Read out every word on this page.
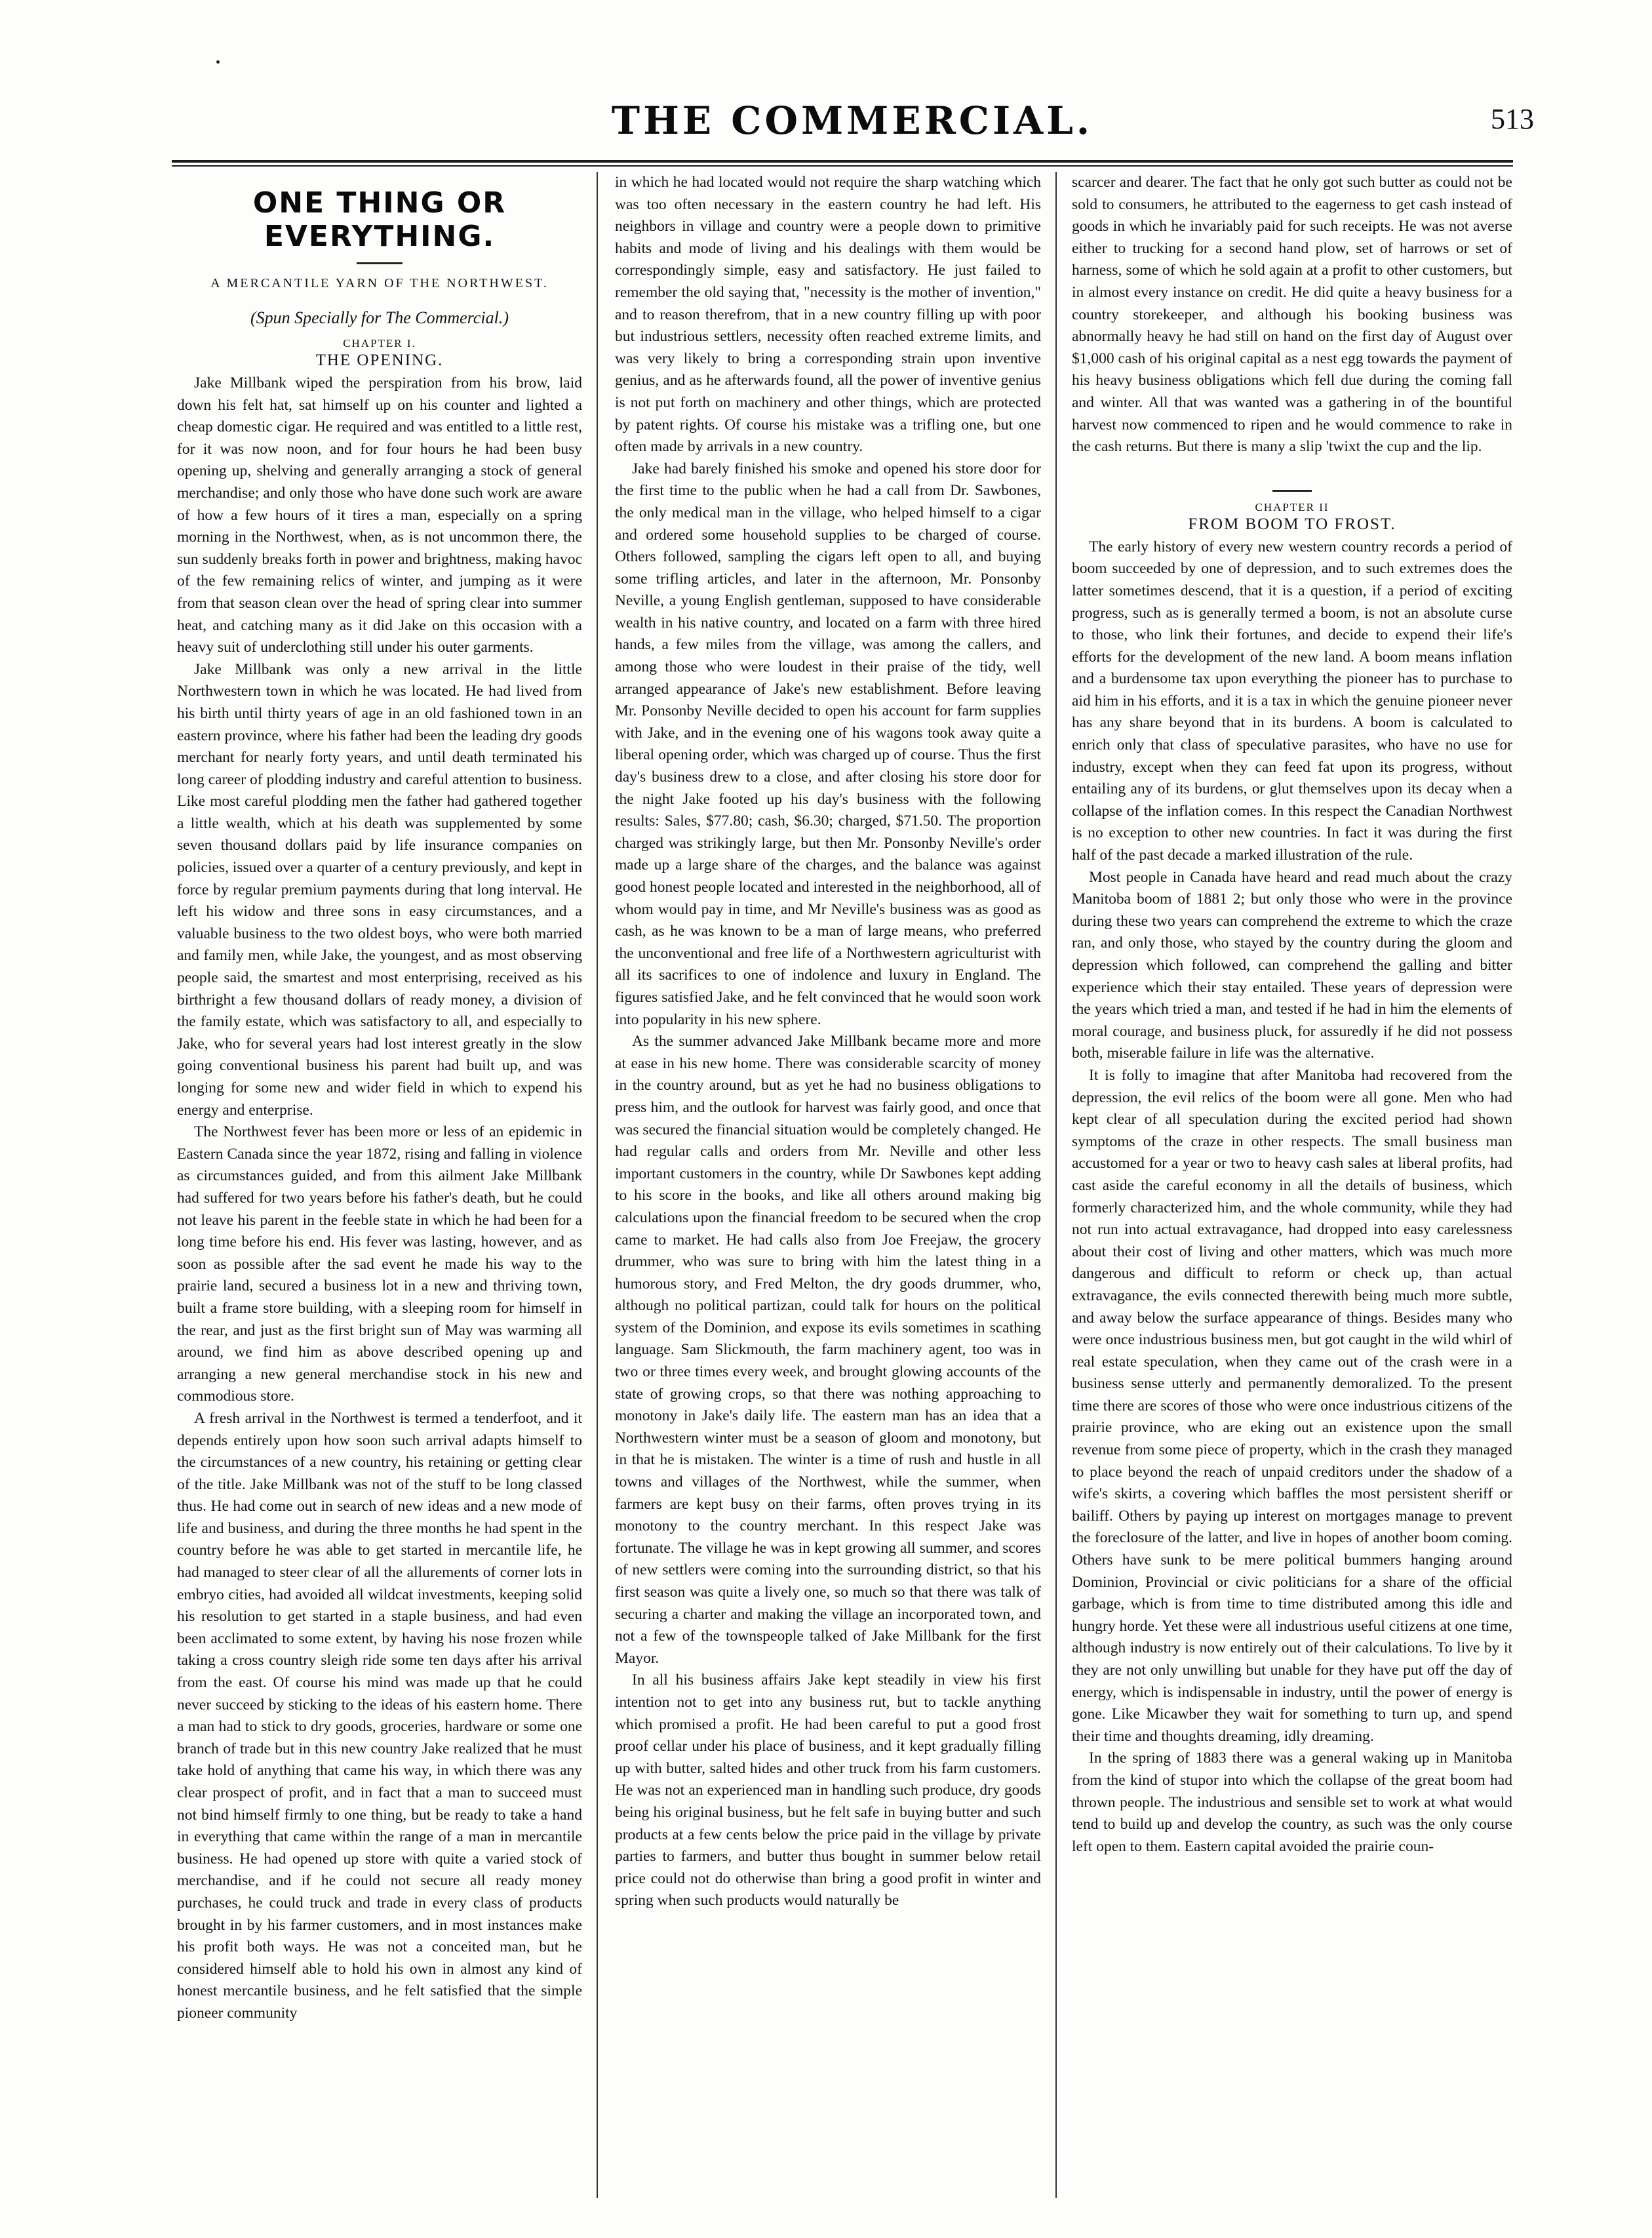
THE COMMERCIAL.	513
ONE THING OR EVERYTHING.
A MERCANTILE YARN OF THE NORTHWEST.
(Spun Specially for The Commercial.)
CHAPTER I.
THE OPENING.

Jake Millbank wiped the perspiration from his brow, laid down his felt hat, sat himself up on his counter and lighted a cheap domestic cigar. He required and was entitled to a little rest, for it was now noon, and for four hours he had been busy opening up, shelving and generally arranging a stock of general merchandise; and only those who have done such work are aware of how a few hours of it tires a man, especially on a spring morning in the Northwest, when, as is not uncommon there, the sun suddenly breaks forth in power and brightness, making havoc of the few remaining relics of winter, and jumping as it were from that season clean over the head of spring clear into summer heat, and catching many as it did Jake on this occasion with a heavy suit of underclothing still under his outer garments.

Jake Millbank was only a new arrival in the little Northwestern town in which he was located. He had lived from his birth until thirty years of age in an old fashioned town in an eastern province, where his father had been the leading dry goods merchant for nearly forty years, and until death terminated his long career of plodding industry and careful attention to business. Like most careful plodding men the father had gathered together a little wealth, which at his death was supplemented by some seven thousand dollars paid by life insurance companies on policies, issued over a quarter of a century previously, and kept in force by regular premium payments during that long interval. He left his widow and three sons in easy circumstances, and a valuable business to the two oldest boys, who were both married and family men, while Jake, the youngest, and as most observing people said, the smartest and most enterprising, received as his birthright a few thousand dollars of ready money, a division of the family estate, which was satisfactory to all, and especially to Jake, who for several years had lost interest greatly in the slow going conventional business his parent had built up, and was longing for some new and wider field in which to expend his energy and enterprise.

The Northwest fever has been more or less of an epidemic in Eastern Canada since the year 1872, rising and falling in violence as circumstances guided, and from this ailment Jake Millbank had suffered for two years before his father's death, but he could not leave his parent in the feeble state in which he had been for a long time before his end. His fever was lasting, however, and as soon as possible after the sad event he made his way to the prairie land, secured a business lot in a new and thriving town, built a frame store building, with a sleeping room for himself in the rear, and just as the first bright sun of May was warming all around, we find him as above described opening up and arranging a new general merchandise stock in his new and commodious store.

A fresh arrival in the Northwest is termed a tenderfoot, and it depends entirely upon how soon such arrival adapts himself to the circumstances of a new country, his retaining or getting clear of the title. Jake Millbank was not of the stuff to be long classed thus. He had come out in search of new ideas and a new mode of life and business, and during the three months he had spent in the country before he was able to get started in mercantile life, he had managed to steer clear of all the allurements of corner lots in embryo cities, had avoided all wildcat investments, keeping solid his resolution to get started in a staple business, and had even been acclimated to some extent, by having his nose frozen while taking a cross country sleigh ride some ten days after his arrival from the east. Of course his mind was made up that he could never succeed by sticking to the ideas of his eastern home. There a man had to stick to dry goods, groceries, hardware or some one branch of trade but in this new country Jake realized that he must take hold of anything that came his way, in which there was any clear prospect of profit, and in fact that a man to succeed must not bind himself firmly to one thing, but be ready to take a hand in everything that came within the range of a man in mercantile business. He had opened up store with quite a varied stock of merchandise, and if he could not secure all ready money purchases, he could truck and trade in every class of products brought in by his farmer customers, and in most instances make his profit both ways. He was not a conceited man, but he considered himself able to hold his own in almost any kind of honest mercantile business, and he felt satisfied that the simple pioneer community

in which he had located would not require the sharp watching which was too often necessary in the eastern country he had left. His neighbors in village and country were a people down to primitive habits and mode of living and his dealings with them would be correspondingly simple, easy and satisfactory. He just failed to remember the old saying that, "necessity is the mother of invention," and to reason therefrom, that in a new country filling up with poor but industrious settlers, necessity often reached extreme limits, and was very likely to bring a corresponding strain upon inventive genius, and as he afterwards found, all the power of inventive genius is not put forth on machinery and other things, which are protected by patent rights. Of course his mistake was a trifling one, but one often made by arrivals in a new country.

Jake had barely finished his smoke and opened his store door for the first time to the public when he had a call from Dr. Sawbones, the only medical man in the village, who helped himself to a cigar and ordered some household supplies to be charged of course. Others followed, sampling the cigars left open to all, and buying some trifling articles, and later in the afternoon, Mr. Ponsonby Neville, a young English gentleman, supposed to have considerable wealth in his native country, and located on a farm with three hired hands, a few miles from the village, was among the callers, and among those who were loudest in their praise of the tidy, well arranged appearance of Jake's new establishment. Before leaving Mr. Ponsonby Neville decided to open his account for farm supplies with Jake, and in the evening one of his wagons took away quite a liberal opening order, which was charged up of course. Thus the first day's business drew to a close, and after closing his store door for the night Jake footed up his day's business with the following results: Sales, $77.80; cash, $6.30; charged, $71.50. The proportion charged was strikingly large, but then Mr. Ponsonby Neville's order made up a large share of the charges, and the balance was against good honest people located and interested in the neighborhood, all of whom would pay in time, and Mr Neville's business was as good as cash, as he was known to be a man of large means, who preferred the unconventional and free life of a Northwestern agriculturist with all its sacrifices to one of indolence and luxury in England. The figures satisfied Jake, and he felt convinced that he would soon work into popularity in his new sphere.

As the summer advanced Jake Millbank became more and more at ease in his new home. There was considerable scarcity of money in the country around, but as yet he had no business obligations to press him, and the outlook for harvest was fairly good, and once that was secured the financial situation would be completely changed. He had regular calls and orders from Mr. Neville and other less important customers in the country, while Dr Sawbones kept adding to his score in the books, and like all others around making big calculations upon the financial freedom to be secured when the crop came to market. He had calls also from Joe Freejaw, the grocery drummer, who was sure to bring with him the latest thing in a humorous story, and Fred Melton, the dry goods drummer, who, although no political partizan, could talk for hours on the political system of the Dominion, and expose its evils sometimes in scathing language. Sam Slickmouth, the farm machinery agent, too was in two or three times every week, and brought glowing accounts of the state of growing crops, so that there was nothing approaching to monotony in Jake's daily life. The eastern man has an idea that a Northwestern winter must be a season of gloom and monotony, but in that he is mistaken. The winter is a time of rush and hustle in all towns and villages of the Northwest, while the summer, when farmers are kept busy on their farms, often proves trying in its monotony to the country merchant. In this respect Jake was fortunate. The village he was in kept growing all summer, and scores of new settlers were coming into the surrounding district, so that his first season was quite a lively one, so much so that there was talk of securing a charter and making the village an incorporated town, and not a few of the townspeople talked of Jake Millbank for the first Mayor.

In all his business affairs Jake kept steadily in view his first intention not to get into any business rut, but to tackle anything which promised a profit. He had been careful to put a good frost proof cellar under his place of business, and it kept gradually filling up with butter, salted hides and other truck from his farm customers. He was not an experienced man in handling such produce, dry goods being his original business, but he felt safe in buying butter and such products at a few cents below the price paid in the village by private parties to farmers, and butter thus bought in summer below retail price could not do otherwise than bring a good profit in winter and spring when such products would naturally be

scarcer and dearer. The fact that he only got such butter as could not be sold to consumers, he attributed to the eagerness to get cash instead of goods in which he invariably paid for such receipts. He was not averse either to trucking for a second hand plow, set of harrows or set of harness, some of which he sold again at a profit to other customers, but in almost every instance on credit. He did quite a heavy business for a country storekeeper, and although his booking business was abnormally heavy he had still on hand on the first day of August over $1,000 cash of his original capital as a nest egg towards the payment of his heavy business obligations which fell due during the coming fall and winter. All that was wanted was a gathering in of the bountiful harvest now commenced to ripen and he would commence to rake in the cash returns. But there is many a slip 'twixt the cup and the lip.

CHAPTER II
FROM BOOM TO FROST.

The early history of every new western country records a period of boom succeeded by one of depression, and to such extremes does the latter sometimes descend, that it is a question, if a period of exciting progress, such as is generally termed a boom, is not an absolute curse to those, who link their fortunes, and decide to expend their life's efforts for the development of the new land. A boom means inflation and a burdensome tax upon everything the pioneer has to purchase to aid him in his efforts, and it is a tax in which the genuine pioneer never has any share beyond that in its burdens. A boom is calculated to enrich only that class of speculative parasites, who have no use for industry, except when they can feed fat upon its progress, without entailing any of its burdens, or glut themselves upon its decay when a collapse of the inflation comes. In this respect the Canadian Northwest is no exception to other new countries. In fact it was during the first half of the past decade a marked illustration of the rule.

Most people in Canada have heard and read much about the crazy Manitoba boom of 1881 2; but only those who were in the province during these two years can comprehend the extreme to which the craze ran, and only those, who stayed by the country during the gloom and depression which followed, can comprehend the galling and bitter experience which their stay entailed. These years of depression were the years which tried a man, and tested if he had in him the elements of moral courage, and business pluck, for assuredly if he did not possess both, miserable failure in life was the alternative.

It is folly to imagine that after Manitoba had recovered from the depression, the evil relics of the boom were all gone. Men who had kept clear of all speculation during the excited period had shown symptoms of the craze in other respects. The small business man accustomed for a year or two to heavy cash sales at liberal profits, had cast aside the careful economy in all the details of business, which formerly characterized him, and the whole community, while they had not run into actual extravagance, had dropped into easy carelessness about their cost of living and other matters, which was much more dangerous and difficult to reform or check up, than actual extravagance, the evils connected therewith being much more subtle, and away below the surface appearance of things. Besides many who were once industrious business men, but got caught in the wild whirl of real estate speculation, when they came out of the crash were in a business sense utterly and permanently demoralized. To the present time there are scores of those who were once industrious citizens of the prairie province, who are eking out an existence upon the small revenue from some piece of property, which in the crash they managed to place beyond the reach of unpaid creditors under the shadow of a wife's skirts, a covering which baffles the most persistent sheriff or bailiff. Others by paying up interest on mortgages manage to prevent the foreclosure of the latter, and live in hopes of another boom coming. Others have sunk to be mere political bummers hanging around Dominion, Provincial or civic politicians for a share of the official garbage, which is from time to time distributed among this idle and hungry horde. Yet these were all industrious useful citizens at one time, although industry is now entirely out of their calculations. To live by it they are not only unwilling but unable for they have put off the day of energy, which is indispensable in industry, until the power of energy is gone. Like Micawber they wait for something to turn up, and spend their time and thoughts dreaming, idly dreaming.

In the spring of 1883 there was a general waking up in Manitoba from the kind of stupor into which the collapse of the great boom had thrown people. The industrious and sensible set to work at what would tend to build up and develop the country, as such was the only course left open to them. Eastern capital avoided the prairie coun-
